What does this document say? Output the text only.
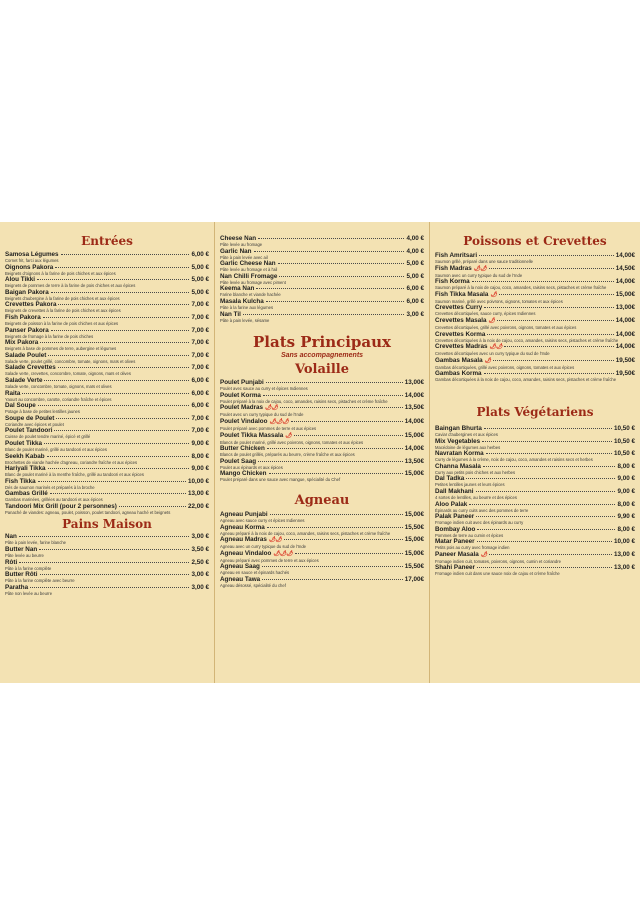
Entrées
Samosa Légumes	6,00 €
Cornet frit, farci aux légumes
Oignons Pakora	5,00 €
Beignets d'oignons à la farine de pois chiches et aux épices
Alou Tikki	5,00 €
Beignets de pommes de terre à la farine de pois chiches et aux épices
Baigan Pakora	5,00 €
Beignets d'aubergine à la farine de pois chiches et aux épices
Crevettes Pakora	7,00 €
Beignets de crevettes à la farine de pois chiches et aux épices
Fish Pakora	7,00 €
Beignets de poisson à la farine de pois chiches et aux épices
Panser Pakora	7,00 €
Beignets de fromage à la farine de pois chiches
Mix Pakora	7,00 €
Beignets à base de pommes de terre, aubergine et légumes
Salade Poulet	7,00 €
Salade verte, poulet grillé, concombre, tomate, oignons, maïs et olives
Salade Crevettes	7,00 €
Salade verte, crevettes, concombre, tomate, oignons, maïs et olives
Salade Verte	6,00 €
Salade verte, concombre, tomate, oignons, maïs et olives
Raita	6,00 €
Yaourt au concombre, carotte, coriandre fraîche et épices
Dal Soupe	6,00 €
Potage à base de petites lentilles jaunes
Soupe de Poulet	7,00 €
Coriandre avec épices et poulet
Poulet Tandoori	7,00 €
Cuisse de poulet tendre mariné, épicé et grillé
Poulet Tikka	9,00 €
Blanc de poulet mariné, grillé au tandoori et aux épices
Seekh Kabab	8,00 €
Brochettes de viande hachée d'agneau, coriandre fraîche et aux épices
Hariyali Tikka	9,00 €
Blanc de poulet mariné à la menthe fraîche, grillé au tandoori et aux épices
Fish Tikka	10,00 €
Dés de saumon marinés et préparés à la broche
Gambas Grillé	13,00 €
Gambas marinées, grillées au tandoori et aux épices
Tandoori Mix Grill (pour 2 personnes)	22,00 €
Panaché de viandes: agneau, poulet, poisson, poulet tandoori, agneau haché et beignets
Pains Maison
Nan	3,00 €
Pâte à pain levée, farine blanche
Butter Nan	3,50 €
Pâte levée au beurre
Rôti	2,50 €
Pâte à la farine complète
Butter Rôti	3,00 €
Pâte à la farine complète avec beurre
Paratha	3,00 €
Pâte non levée au beurre
Cheese Nan	4,00 €
Pâte levée au fromage
Garlic Nan	4,00 €
Pâte à pain levée avec ail
Garlic Cheese Nan	5,00 €
Pâte levée au fromage et à l'ail
Nan Chilli Fromage	5,00 €
Pâte levée au fromage avec piment
Keema Nan	6,00 €
Farine blanche et viande hachée
Masala Kulcha	6,00 €
Pâte à la farine aux légumes
Nan Til	3,00 €
Pâte à pain levée, sésame
Plats Principaux
Sans accompagnements
Volaille
Poulet Punjabi	13,00€
Poulet avec sauce au curry et épices Indiennes
Poulet Korma	14,00€
Poulet préparé à la noix de cajou, coco, amandes, raisins secs, pistaches et crème fraîche
Poulet Madras 🌶🌶	13,50€
Poulet avec un curry typique du sud de l'Inde
Poulet Vindaloo 🌶🌶🌶	14,00€
Poulet préparé avec pommes de terre et aux épices
Poulet Tikka Massala 🌶	15,00€
Blancs de poulet mariné, grillé avec poivrons, oignons, tomates et aux épices
Butter Chicken	14,00€
Blancs de poulet grillés, préparés au beurre, crème fraîche et aux épices
Poulet Saag	13,50€
Poulet aux épinards et aux épices
Mango Chicken	15,00€
Poulet préparé dans une sauce avec mangue, spécialité du Chef
Agneau
Agneau Punjabi	15,00€
Agneau avec sauce curry et épices Indiennes
Agneau Korma	15,50€
Agneau préparé à la noix de cajou, coco, amandes, raisins secs, pistaches et crème fraîche
Agneau Madras 🌶🌶	15,00€
Agneau avec un curry typique du sud de l'Inde
Agneau Vindaloo 🌶🌶🌶	15,00€
Agneau préparé avec pommes de terre et aux épices
Agneau Saag	15,50€
Agneau en sauce et épinards hachés
Agneau Tawa	17,00€
Agneau désossé, spécialité du chef
Poissons et Crevettes
Fish Amritsari	14,00€
Saumon grillé, préparé dans une sauce traditionnelle
Fish Madras 🌶🌶	14,50€
Saumon avec un curry typique du sud de l'Inde
Fish Korma	14,00€
Saumon préparé à la noix de cajou, coco, amandes, raisins secs, pistaches et crème fraîche
Fish Tikka Masala 🌶	15,00€
Saumon mariné, grillé avec poivrons, oignons, tomates et aux épices
Crevettes Curry	13,00€
Crevettes décortiquées, sauce curry, épices Indiennes
Crevettes Masala 🌶	14,00€
Crevettes décortiquées, grillé avec poivrons, oignons, tomates et aux épices
Crevettes Korma	14,00€
Crevettes décortiquées à la noix de cajou, coco, amandes, raisins secs, pistaches et crème fraîche
Crevettes Madras 🌶🌶	14,00€
Crevettes décortiquées avec un curry typique du sud de l'Inde
Gambas Masala 🌶	19,50€
Gambas décortiquées, grillé avec poivrons, oignons, tomates et aux épices
Gambas Korma	19,50€
Gambas décortiquées à la noix de cajou, coco, amandes, raisins secs, pistaches et crème fraîche
Plats Végétariens
Baingan Bhurta	10,50 €
Caviar d'aubergines et aux épices
Mix Vegetables	10,50 €
Macédoine de légumes aux herbes
Navratan Korma	10,50 €
Curry de légumes à la crème, noix de cajou, coco, amandes et raisins secs et herbes
Channa Masala	8,00 €
Curry aux petits pois chiches et aux herbes
Dal Tadka	9,00 €
Petites lentilles jaunes et leurs épices
Dall Makhani	9,00 €
4 sortes de lentilles, au beurre et des épices
Aloo Palak	8,00 €
Épinards au curry cuits avec des pommes de terre
Palak Paneer	9,90 €
Fromage indien cuit avec des épinards au curry
Bombay Aloo	8,00 €
Pommes de terre au cumin et épices
Matar Paneer	10,00 €
Petits pois au curry avec fromage indien
Paneer Masala 🌶	13,00 €
Fromage indien cuit, tomates, poivrons, oignons, cumin et coriandre
Shahi Paneer	13,00 €
Fromage indien cuit dans une sauce noix de cajou et crème fraîche
